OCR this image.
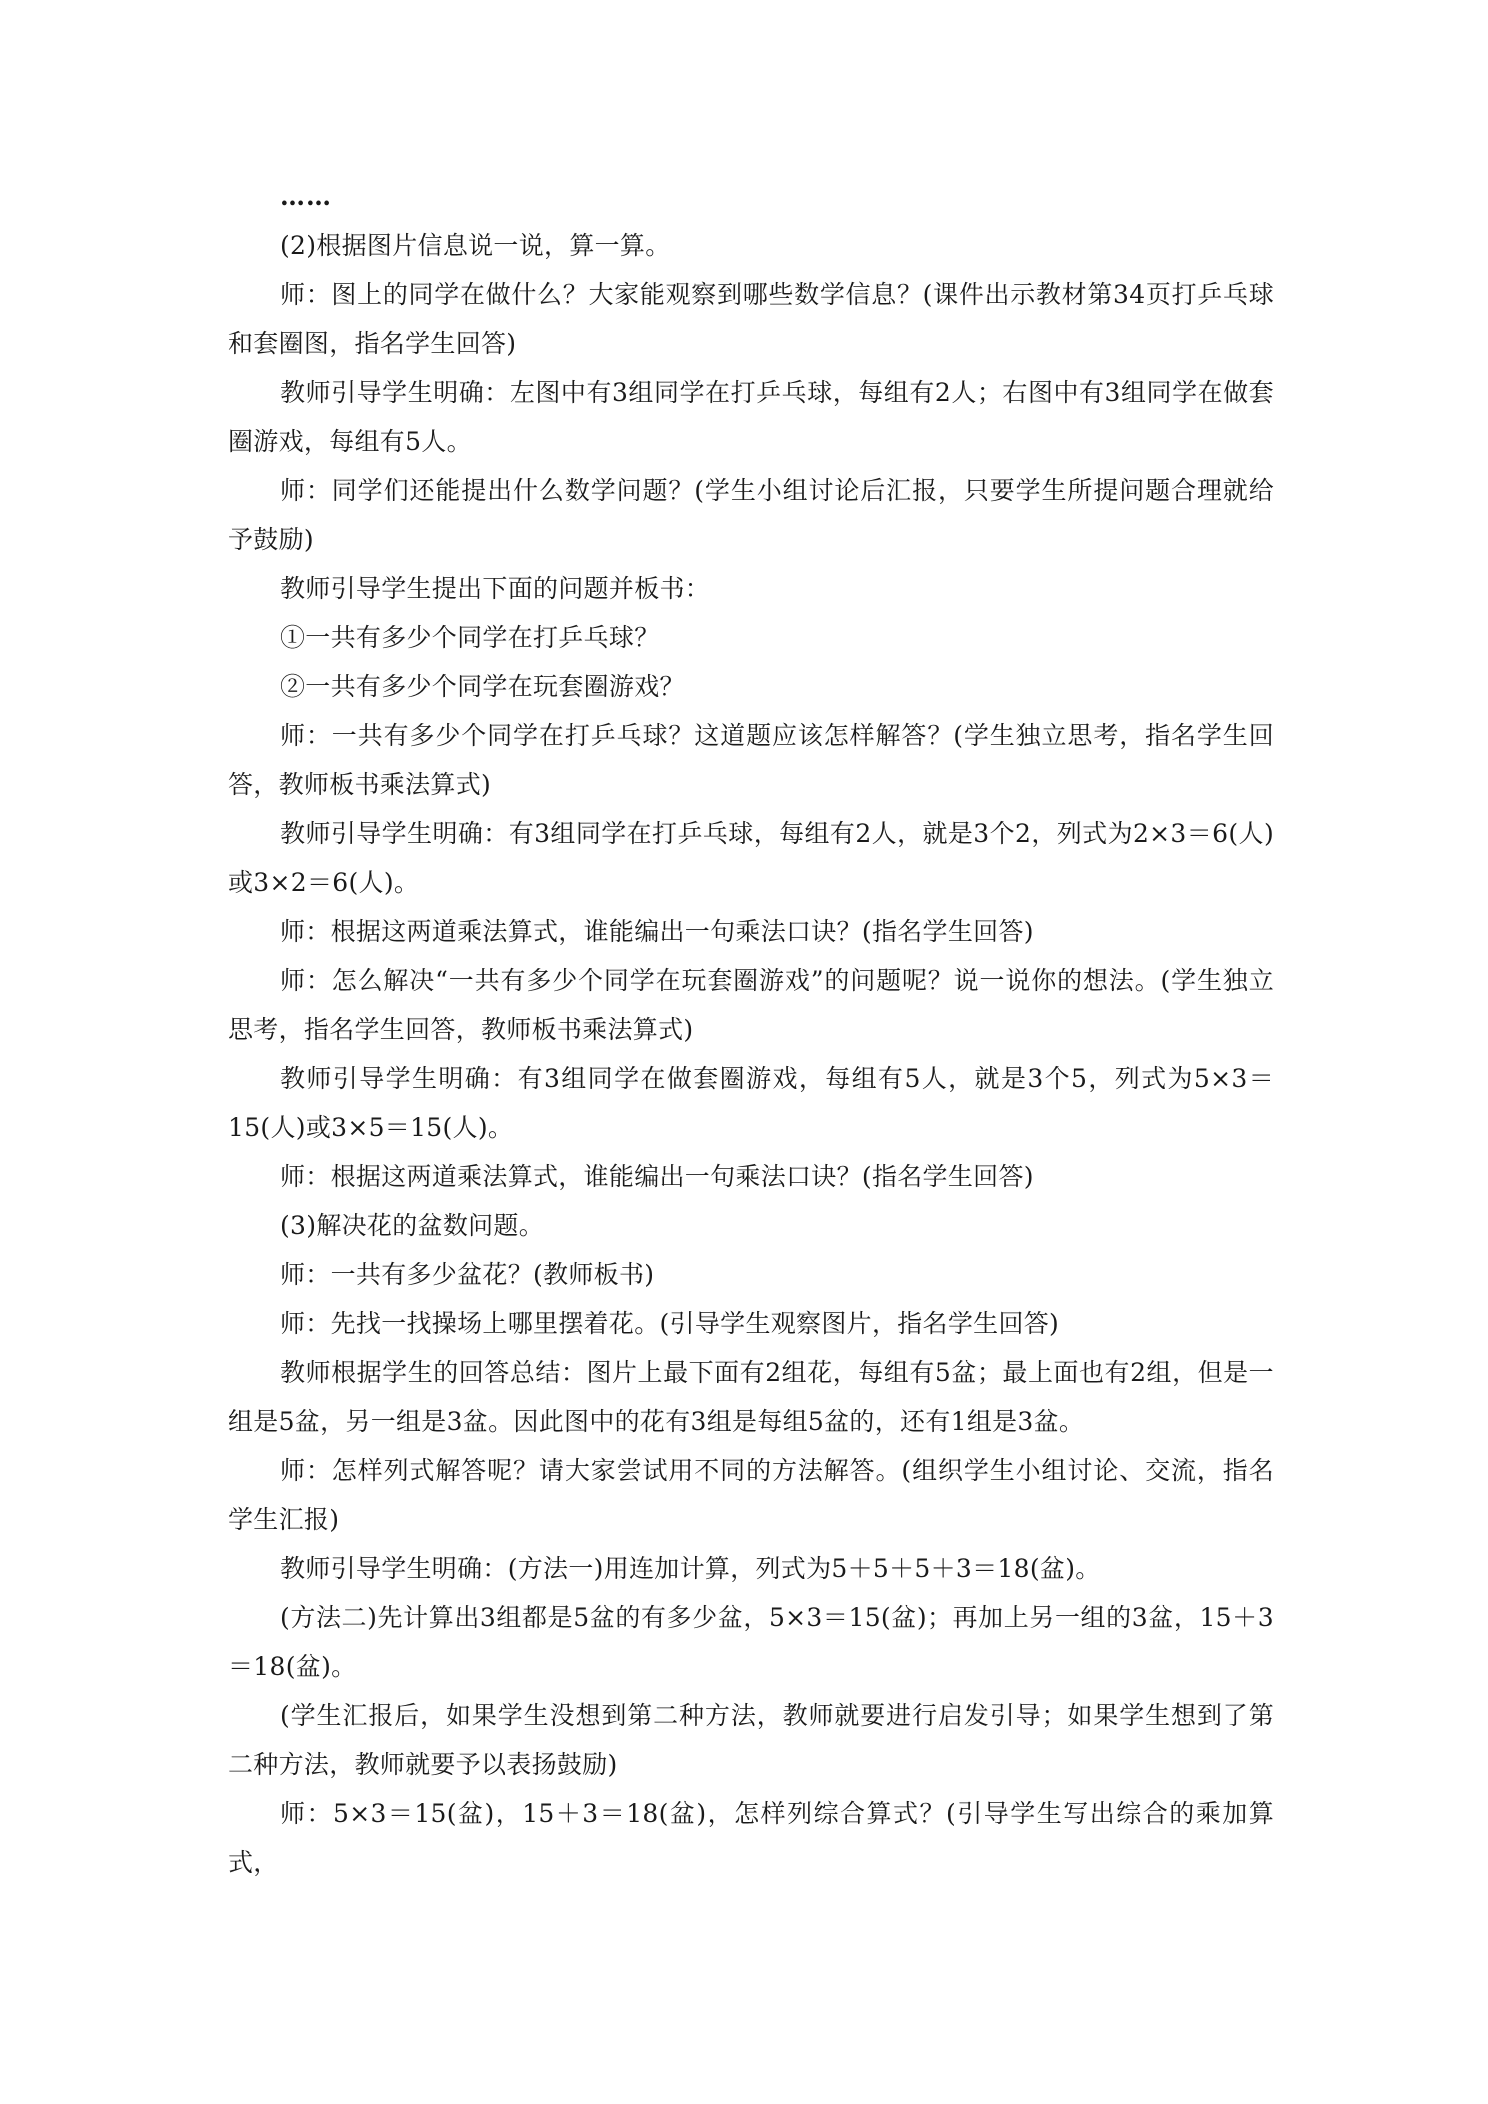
……

(2)根据图片信息说一说，算一算。

师：图上的同学在做什么？大家能观察到哪些数学信息？(课件出示教材第34页打乒乓球和套圈图，指名学生回答)

教师引导学生明确：左图中有3组同学在打乒乓球，每组有2人；右图中有3组同学在做套圈游戏，每组有5人。

师：同学们还能提出什么数学问题？(学生小组讨论后汇报，只要学生所提问题合理就给予鼓励)

教师引导学生提出下面的问题并板书：

①一共有多少个同学在打乒乓球？

②一共有多少个同学在玩套圈游戏？

师：一共有多少个同学在打乒乓球？这道题应该怎样解答？(学生独立思考，指名学生回答，教师板书乘法算式)

教师引导学生明确：有3组同学在打乒乓球，每组有2人，就是3个2，列式为2×3＝6(人)或3×2＝6(人)。

师：根据这两道乘法算式，谁能编出一句乘法口诀？(指名学生回答)

师：怎么解决“一共有多少个同学在玩套圈游戏”的问题呢？说一说你的想法。(学生独立思考，指名学生回答，教师板书乘法算式)

教师引导学生明确：有3组同学在做套圈游戏，每组有5人，就是3个5，列式为5×3＝15(人)或3×5＝15(人)。

师：根据这两道乘法算式，谁能编出一句乘法口诀？(指名学生回答)

(3)解决花的盆数问题。

师：一共有多少盆花？(教师板书)

师：先找一找操场上哪里摆着花。(引导学生观察图片，指名学生回答)

教师根据学生的回答总结：图片上最下面有2组花，每组有5盆；最上面也有2组，但是一组是5盆，另一组是3盆。因此图中的花有3组是每组5盆的，还有1组是3盆。

师：怎样列式解答呢？请大家尝试用不同的方法解答。(组织学生小组讨论、交流，指名学生汇报)

教师引导学生明确：(方法一)用连加计算，列式为5＋5＋5＋3＝18(盆)。

(方法二)先计算出3组都是5盆的有多少盆，5×3＝15(盆)；再加上另一组的3盆，15＋3＝18(盆)。

(学生汇报后，如果学生没想到第二种方法，教师就要进行启发引导；如果学生想到了第二种方法，教师就要予以表扬鼓励)

师：5×3＝15(盆)，15＋3＝18(盆)，怎样列综合算式？(引导学生写出综合的乘加算式，
